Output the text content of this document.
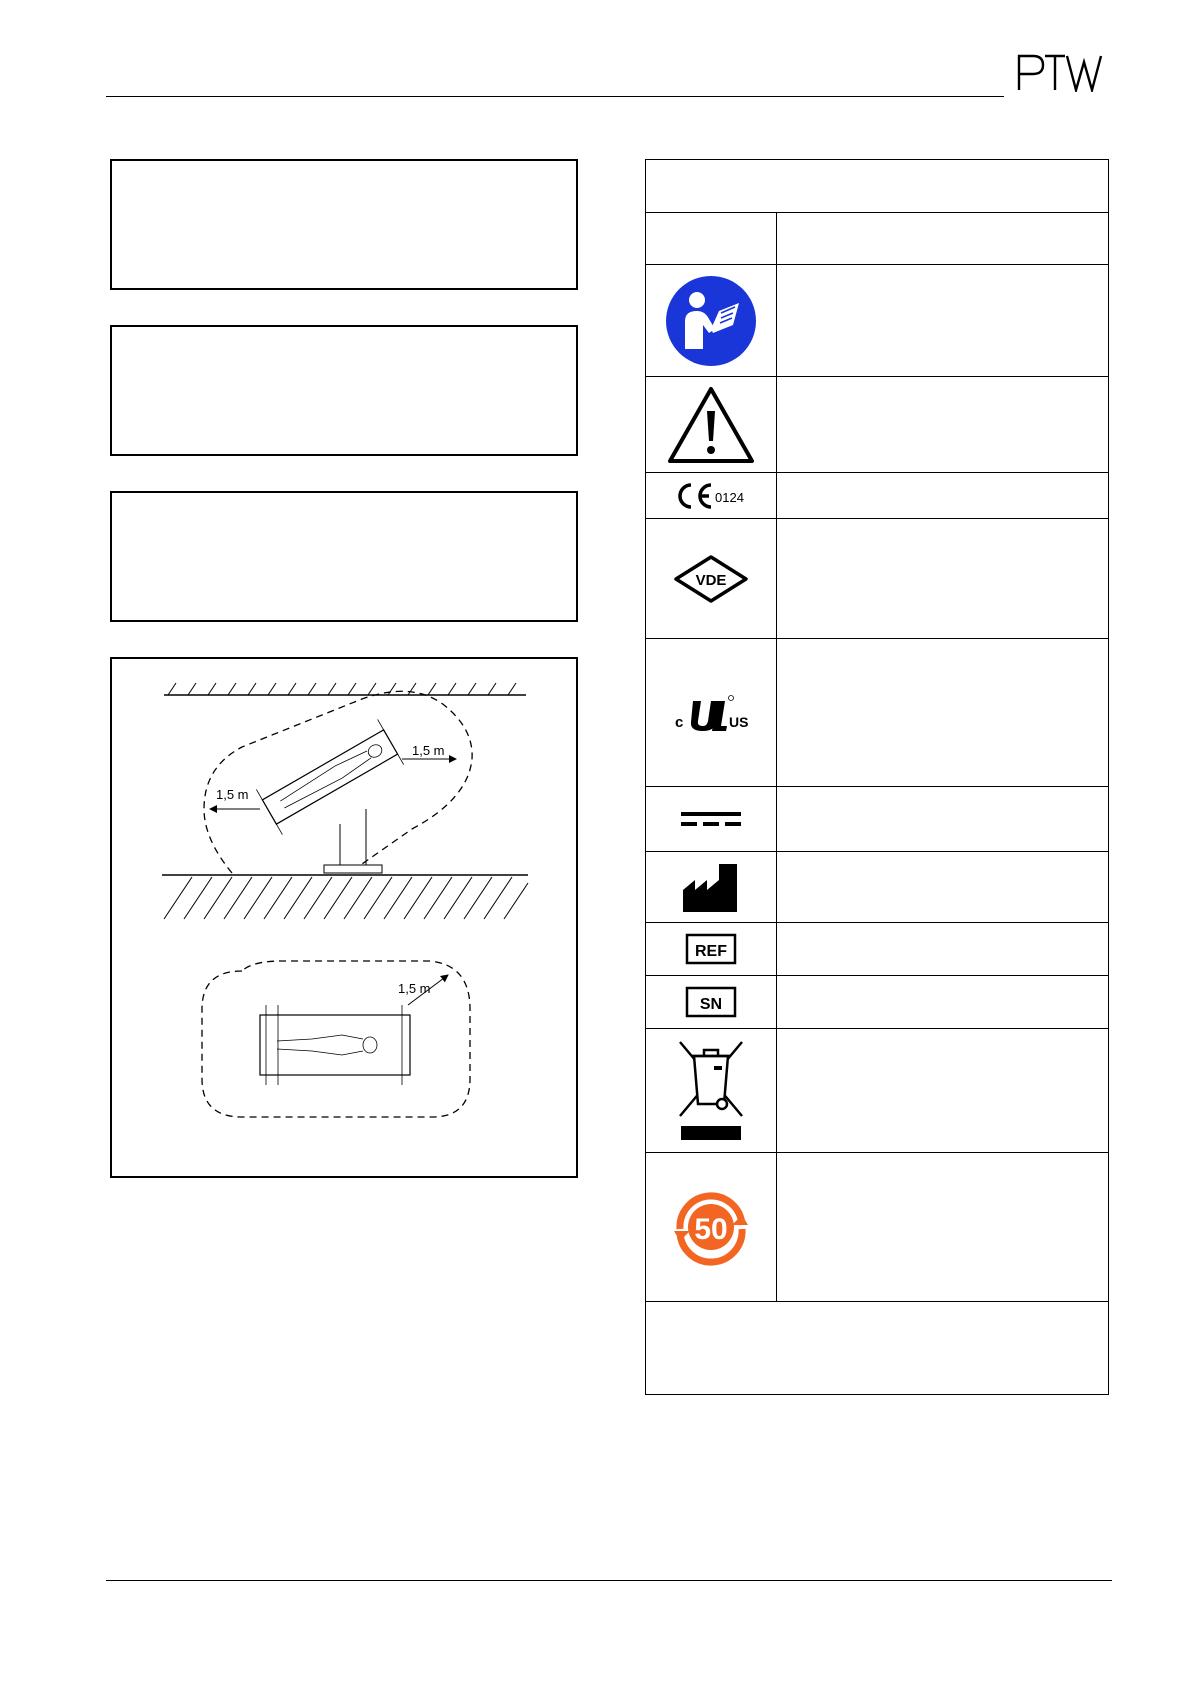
1,5 m
1,5 m
1,5 m

0124	

VDE	

c US	

REF	

SN	

50	
